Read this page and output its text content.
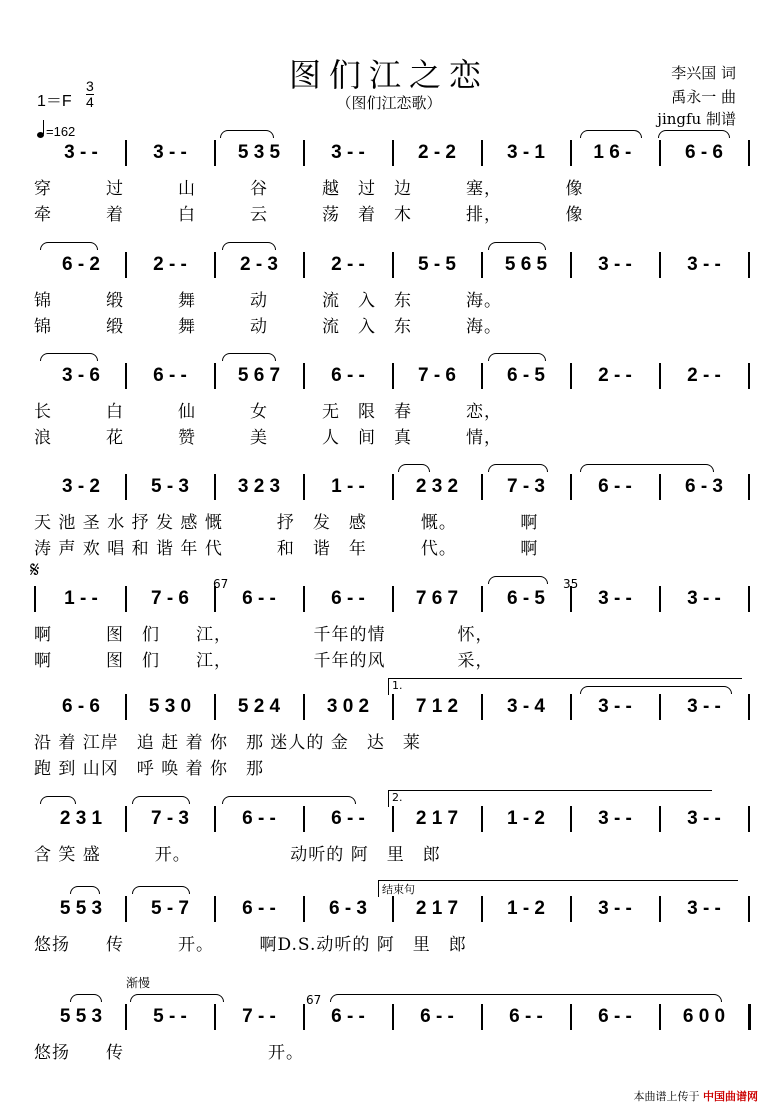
图们江之恋
（图们江恋歌）
李兴国 词
禹永一 曲
jingfu 制谱
1＝F
3
4
=162
𝄋
3 - -	3 - -	5 3 5	3 - -	2 - 2	3 - 1	1 6 -	6 - 6
穿　　　过　　　山　　　谷　　　越　过　边　　　塞，　　　　像
牵　　　着　　　白　　　云　　　荡　着　木　　　排，　　　　像
6 - 2	2 - -	2 - 3	2 - -	5 - 5	5 6 5	3 - -	3 - -
锦　　　缎　　　舞　　　动　　　流　入　东　　　海。
锦　　　缎　　　舞　　　动　　　流　入　东　　　海。
3 - 6	6 - -	5 6 7	6 - -	7 - 6	6 - 5	2 - -	2 - -
长　　　白　　　仙　　　女　　　无　限　春　　　恋，
浪　　　花　　　赞　　　美　　　人　间　真　　　情，
3 - 2	5 - 3	3 2 3	1 - -	2 3 2	7 - 3	6 - -	6 - 3
天 池 圣 水 抒 发 感 慨　　　抒　发　感　　　慨。　　　　啊
涛 声 欢 唱 和 谐 年 代　　　和　谐　年　　　代。　　　　啊
1 - -	7 - 6	6 - -	6 - -	7 6 7	6 - 5	3 - -	3 - -
啊　　　图　们　　江，　　　　　千年的情　　　　怀，
啊　　　图　们　　江，　　　　　千年的风　　　　采，
6 - 6	5 3 0	5 2 4	3 0 2	7 1 2	3 - 4	3 - -	3 - -
沿 着 江岸　追 赶 着 你　那 迷人的 金　达　莱
跑 到 山冈　呼 唤 着 你　那
2 3 1	7 - 3	6 - -	6 - -	2 1 7	1 - 2	3 - -	3 - -
含 笑 盛　　　开。　　　　　　动听的 阿　里　郎
5 5 3	5 - 7	6 - -	6 - 3	2 1 7	1 - 2	3 - -	3 - -
悠扬　　传　　　开。　　　啊D.S.动听的 阿　里　郎
5 5 3	5 - -	7 - -	6 - -	6 - -	6 - -	6 - -	6 0 0
悠扬　　传　　　　　　　　开。
1.
2.
结束句
渐慢
67	35
67
本曲谱上传于 中国曲谱网
